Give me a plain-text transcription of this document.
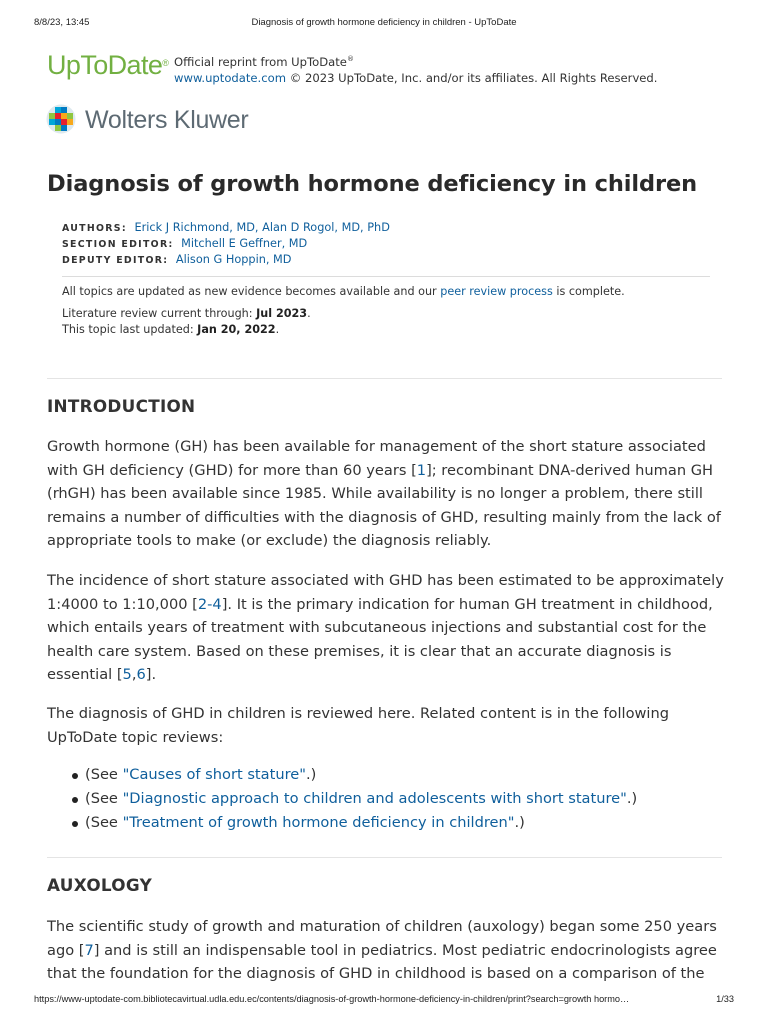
8/8/23, 13:45	Diagnosis of growth hormone deficiency in children - UpToDate
UpToDate® Official reprint from UpToDate®
www.uptodate.com © 2023 UpToDate, Inc. and/or its affiliates. All Rights Reserved.
Wolters Kluwer
Diagnosis of growth hormone deficiency in children
AUTHORS: Erick J Richmond, MD, Alan D Rogol, MD, PhD
SECTION EDITOR: Mitchell E Geffner, MD
DEPUTY EDITOR: Alison G Hoppin, MD
All topics are updated as new evidence becomes available and our peer review process is complete.
Literature review current through: Jul 2023.
This topic last updated: Jan 20, 2022.
INTRODUCTION

Growth hormone (GH) has been available for management of the short stature associated with GH deficiency (GHD) for more than 60 years [1]; recombinant DNA-derived human GH (rhGH) has been available since 1985. While availability is no longer a problem, there still remains a number of difficulties with the diagnosis of GHD, resulting mainly from the lack of appropriate tools to make (or exclude) the diagnosis reliably.

The incidence of short stature associated with GHD has been estimated to be approximately 1:4000 to 1:10,000 [2-4]. It is the primary indication for human GH treatment in childhood, which entails years of treatment with subcutaneous injections and substantial cost for the health care system. Based on these premises, it is clear that an accurate diagnosis is essential [5,6].

The diagnosis of GHD in children is reviewed here. Related content is in the following UpToDate topic reviews:

(See "Causes of short stature".)
(See "Diagnostic approach to children and adolescents with short stature".)
(See "Treatment of growth hormone deficiency in children".)
AUXOLOGY

The scientific study of growth and maturation of children (auxology) began some 250 years ago [7] and is still an indispensable tool in pediatrics. Most pediatric endocrinologists agree that the foundation for the diagnosis of GHD in childhood is based on a comparison of the

https://www-uptodate-com.bibliotecavirtual.udla.edu.ec/contents/diagnosis-of-growth-hormone-deficiency-in-children/print?search=growth hormo…	1/33
